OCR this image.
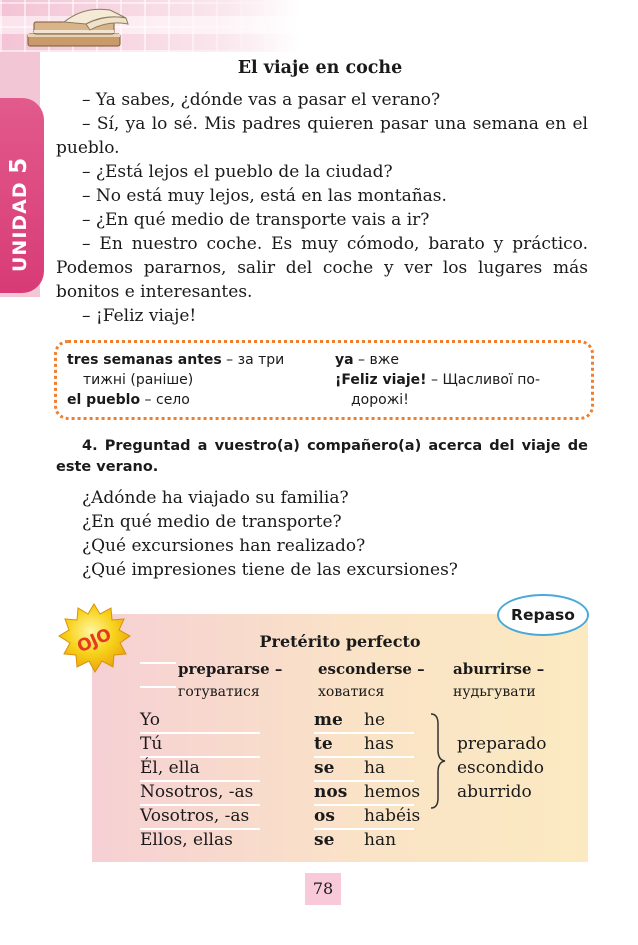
UNIDAD 5
El viaje en coche

– Ya sabes, ¿dónde vas a pasar el verano?

– Sí, ya lo sé. Mis padres quieren pasar una semana en el pueblo.

– ¿Está lejos el pueblo de la ciudad?

– No está muy lejos, está en las montañas.

– ¿En qué medio de transporte vais a ir?

– En nuestro coche. Es muy cómodo, barato y práctico. Podemos pararnos, salir del coche y ver los lugares más bonitos e interesantes.

– ¡Feliz viaje!

tres semanas antes – за три
тижні (раніше)
el pueblo – село
ya – вже
¡Feliz viaje! – Щасливої по-
дорожі!
4. Preguntad a vuestro(a) compañero(a) acerca del viaje de este verano.
¿Adónde ha viajado su familia?
¿En qué medio de transporte?
¿Qué excursiones han realizado?
¿Qué impresiones tiene de las excursiones?
Pretérito perfecto
prepararse – esconderse – aburrirse –
готуватися	ховатися	нудьгувати
Yo
Tú
Él, ella
Nosotros, -as
Vosotros, -as
Ellos, ellas
me
te
se
nos
os
se
he
has
ha
hemos
habéis
han
preparado
escondido
aburrido
OJO
Repaso
78
